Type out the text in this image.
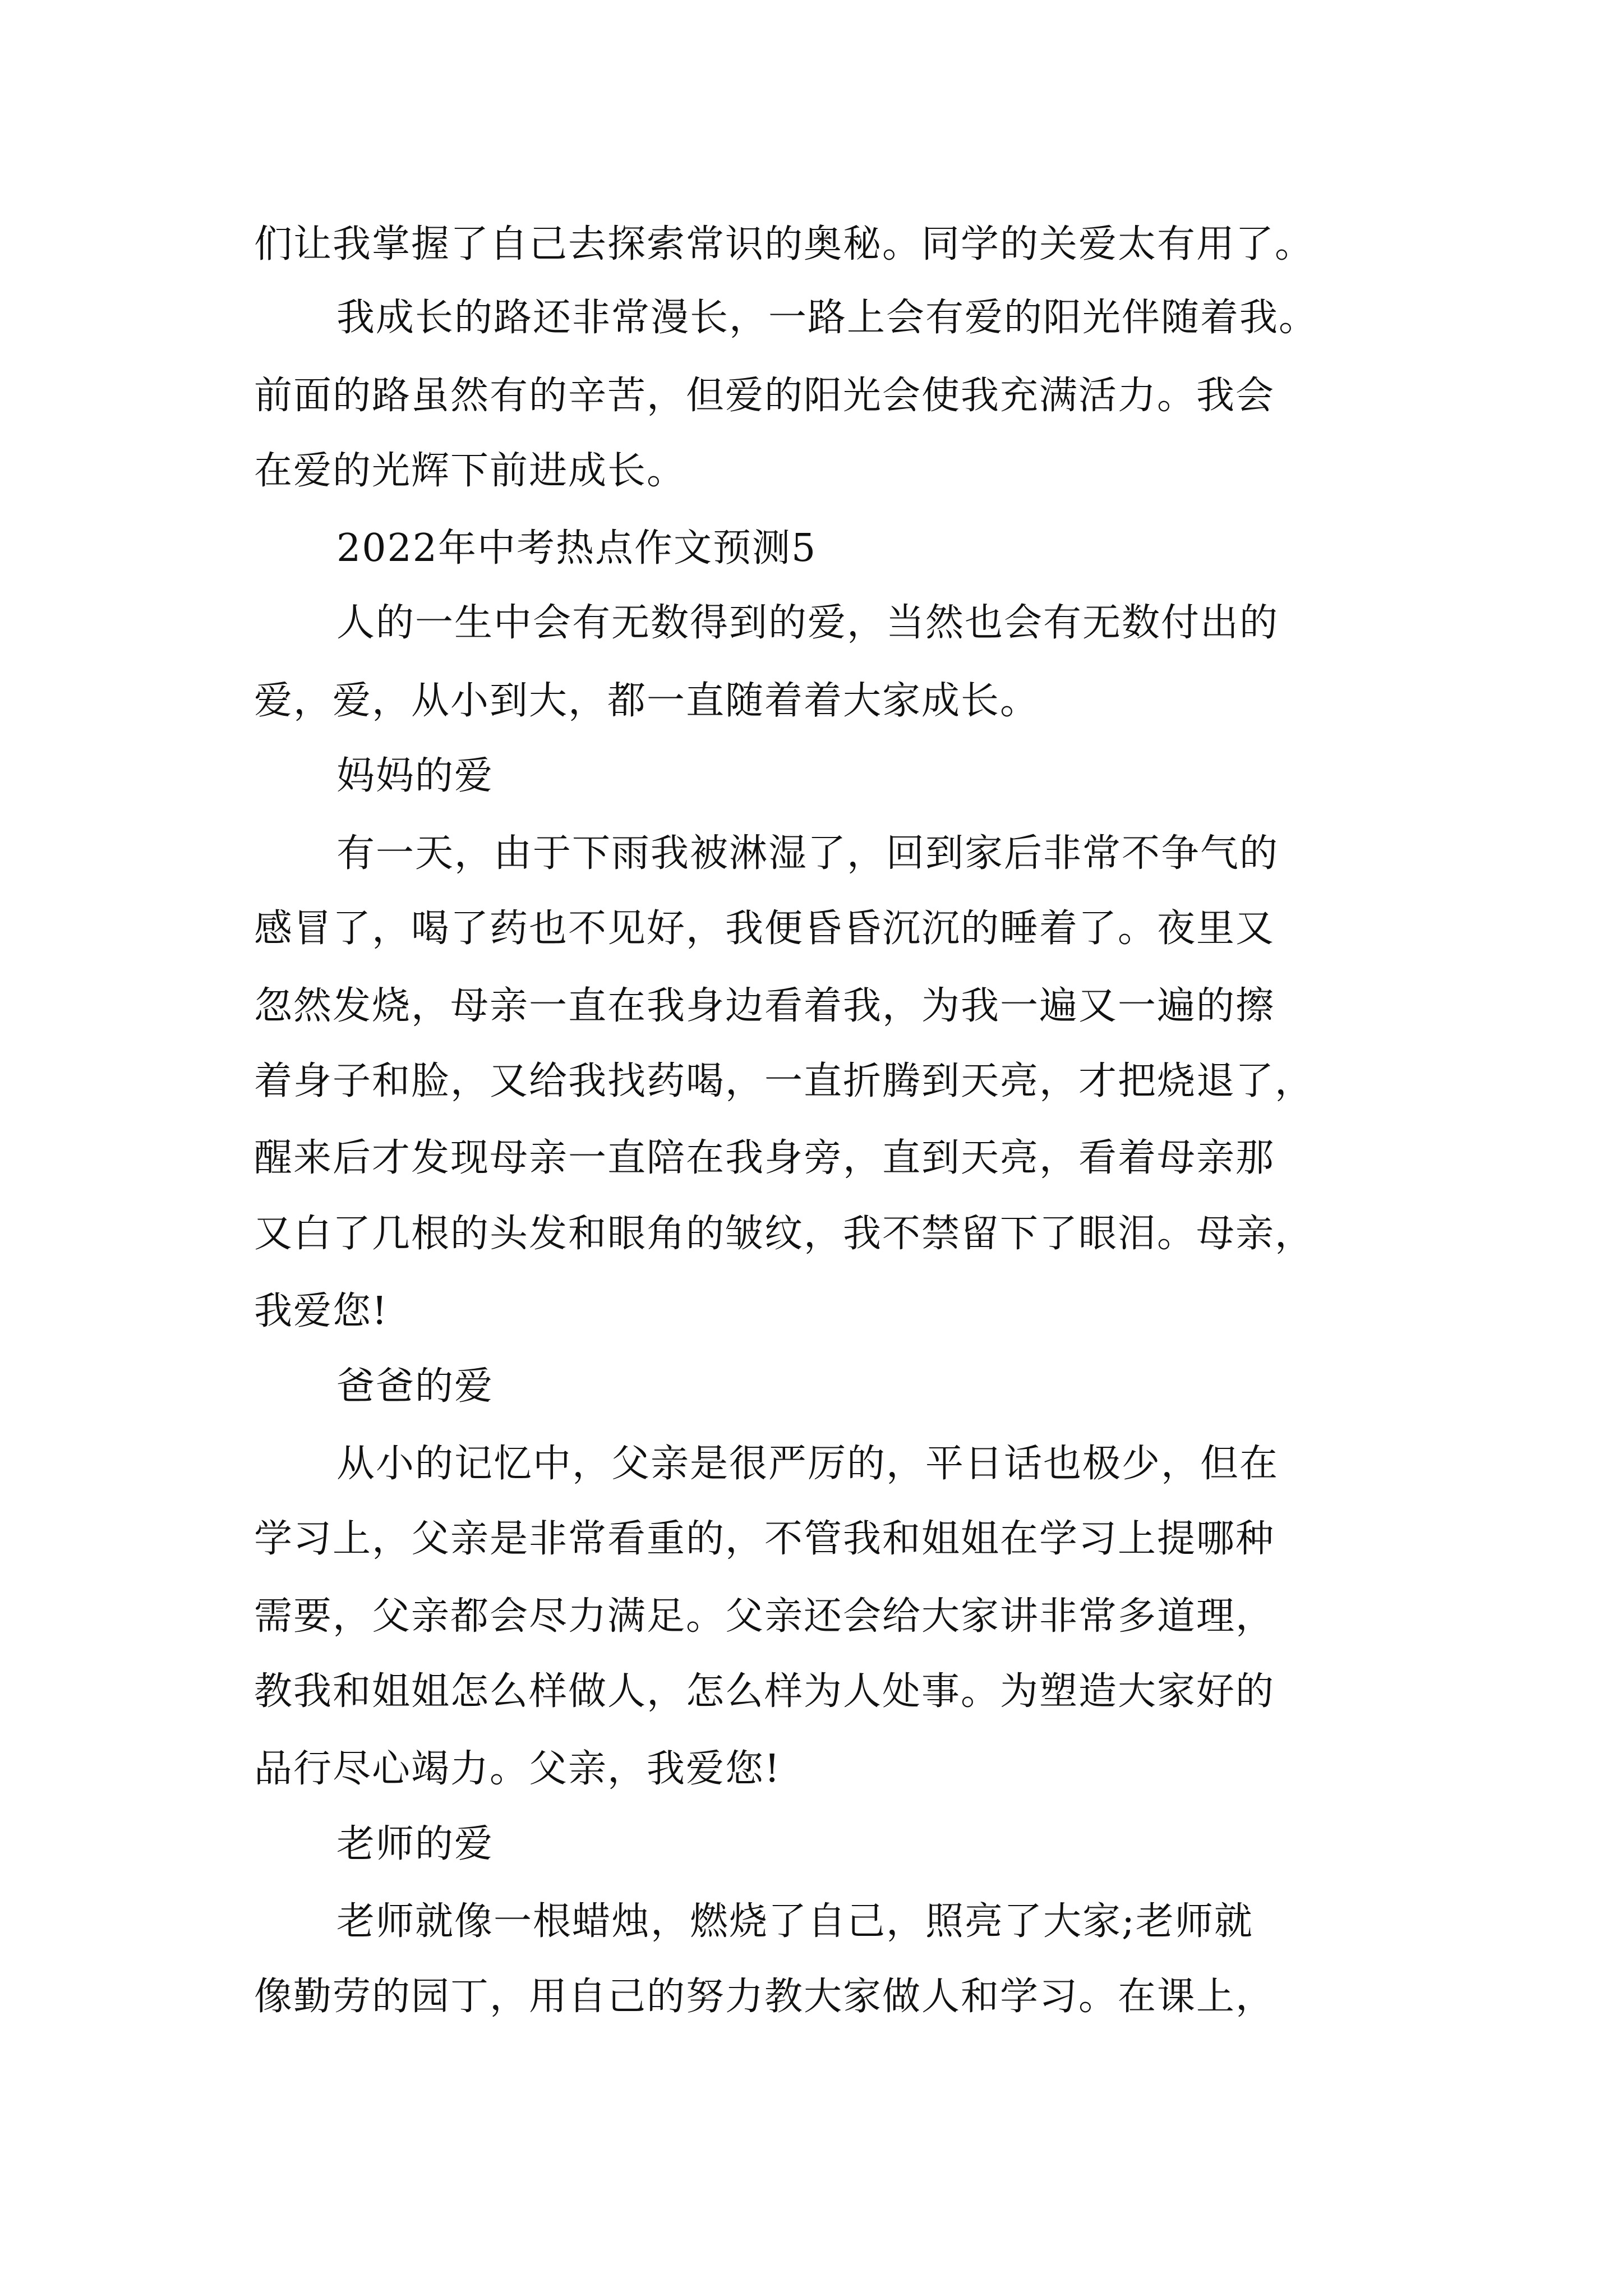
们让我掌握了自己去探索常识的奥秘。同学的关爱太有用了。
我成长的路还非常漫长，一路上会有爱的阳光伴随着我。
前面的路虽然有的辛苦，但爱的阳光会使我充满活力。我会
在爱的光辉下前进成长。
2022年中考热点作文预测5
人的一生中会有无数得到的爱，当然也会有无数付出的
爱，爱，从小到大，都一直随着着大家成长。
妈妈的爱
有一天，由于下雨我被淋湿了，回到家后非常不争气的
感冒了，喝了药也不见好，我便昏昏沉沉的睡着了。夜里又
忽然发烧，母亲一直在我身边看着我，为我一遍又一遍的擦
着身子和脸，又给我找药喝，一直折腾到天亮，才把烧退了，
醒来后才发现母亲一直陪在我身旁，直到天亮，看着母亲那
又白了几根的头发和眼角的皱纹，我不禁留下了眼泪。母亲，
我爱您!
爸爸的爱
从小的记忆中，父亲是很严厉的，平日话也极少，但在
学习上，父亲是非常看重的，不管我和姐姐在学习上提哪种
需要，父亲都会尽力满足。父亲还会给大家讲非常多道理，
教我和姐姐怎么样做人，怎么样为人处事。为塑造大家好的
品行尽心竭力。父亲，我爱您!
老师的爱
老师就像一根蜡烛，燃烧了自己，照亮了大家;老师就
像勤劳的园丁，用自己的努力教大家做人和学习。在课上，
